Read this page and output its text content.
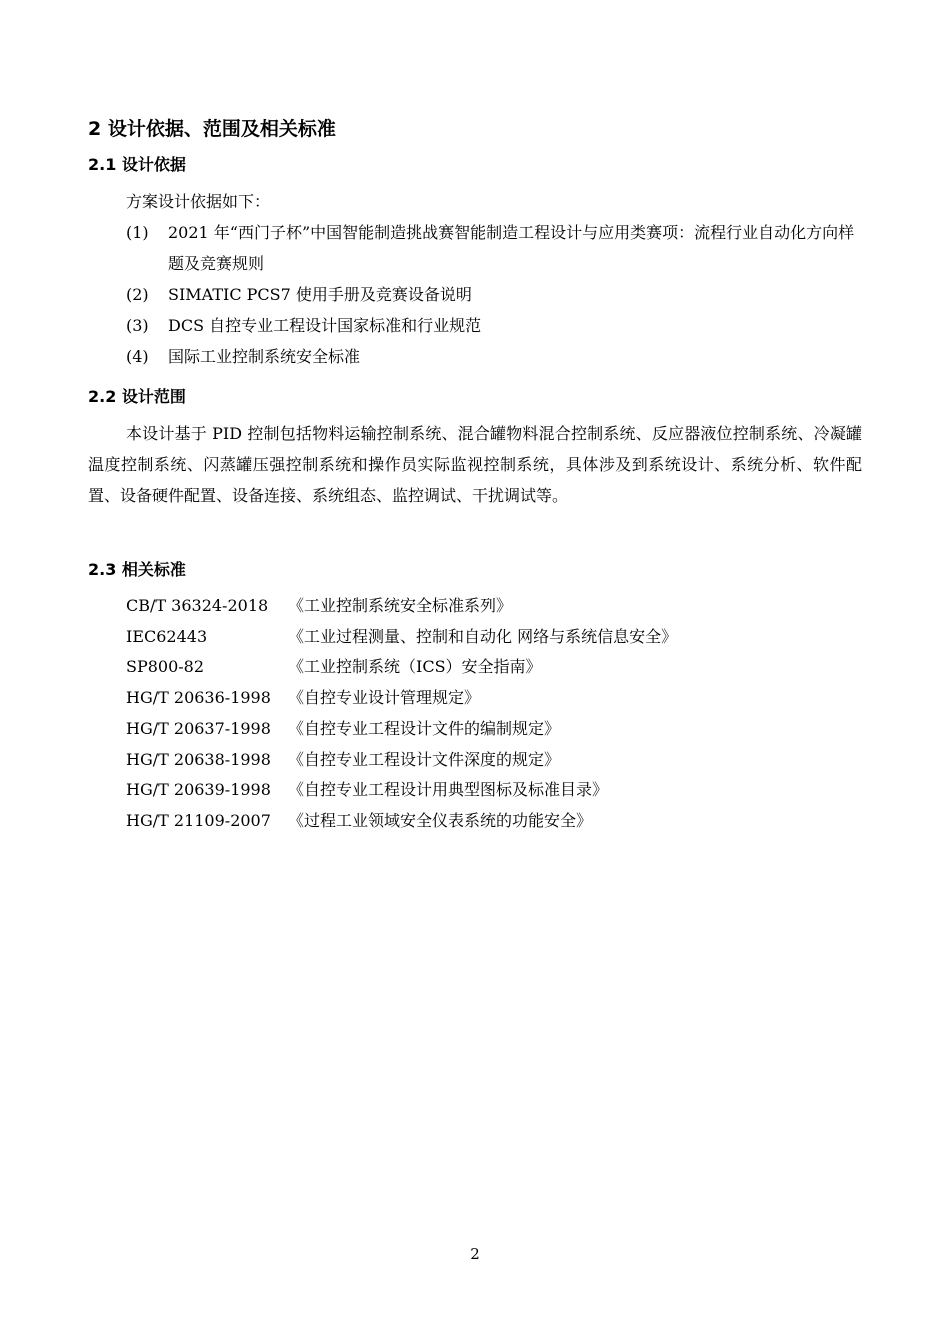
2 设计依据、范围及相关标准
2.1 设计依据
方案设计依据如下：
(1)	2021 年“西门子杯”中国智能制造挑战赛智能制造工程设计与应用类赛项：流程行业自动化方向样题及竞赛规则
(2)	SIMATIC PCS7 使用手册及竞赛设备说明
(3)	DCS 自控专业工程设计国家标准和行业规范
(4)	国际工业控制系统安全标准
2.2 设计范围

本设计基于 PID 控制包括物料运输控制系统、混合罐物料混合控制系统、反应器液位控制系统、冷凝罐温度控制系统、闪蒸罐压强控制系统和操作员实际监视控制系统，具体涉及到系统设计、系统分析、软件配置、设备硬件配置、设备连接、系统组态、监控调试、干扰调试等。

2.3 相关标准
CB/T 36324-2018	《工业控制系统安全标准系列》
IEC62443	《工业过程测量、控制和自动化 网络与系统信息安全》
SP800-82	《工业控制系统（ICS）安全指南》
HG/T 20636-1998	《自控专业设计管理规定》
HG/T 20637-1998	《自控专业工程设计文件的编制规定》
HG/T 20638-1998	《自控专业工程设计文件深度的规定》
HG/T 20639-1998	《自控专业工程设计用典型图标及标准目录》
HG/T 21109-2007	《过程工业领域安全仪表系统的功能安全》
2
